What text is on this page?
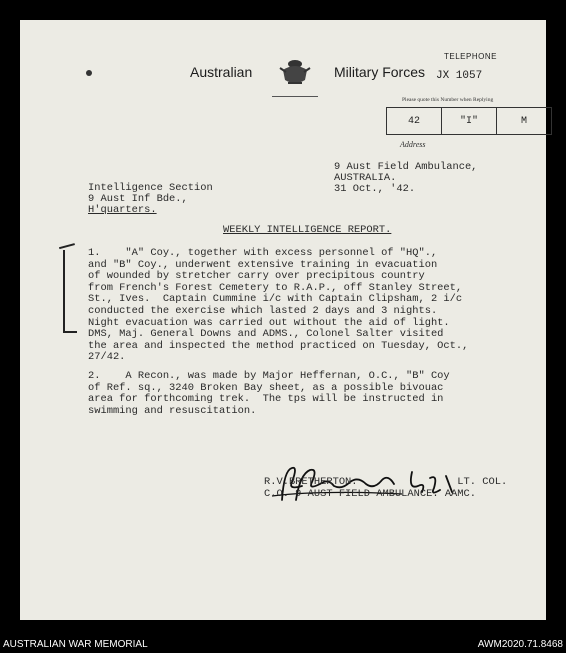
Australian	Military Forces
TELEPHONE
JX 1057
Please quote this Number when Replying
42	"I"	M
Address
9 Aust Field Ambulance,
AUSTRALIA.
31 Oct., '42.
Intelligence Section
9 Aust Inf Bde.,
H'quarters.
WEEKLY INTELLIGENCE REPORT.
1.    "A" Coy., together with excess personnel of "HQ".,
and "B" Coy., underwent extensive training in evacuation
of wounded by stretcher carry over precipitous country
from French's Forest Cemetery to R.A.P., off Stanley Street,
St., Ives.  Captain Cummine i/c with Captain Clipsham, 2 i/c
conducted the exercise which lasted 2 days and 3 nights.
Night evacuation was carried out without the aid of light.
DMS, Maj. General Downs and ADMS., Colonel Salter visited
the area and inspected the method practiced on Tuesday, Oct.,
27/42.
2.    A Recon., was made by Major Heffernan, O.C., "B" Coy
of Ref. sq., 3240 Broken Bay sheet, as a possible bivouac
area for forthcoming trek.  The tps will be instructed in
swimming and resuscitation.
R.V.BRETHERTON.                LT. COL.
C.O. 9 AUST FIELD AMBULANCE. AAMC.
AUSTRALIAN WAR MEMORIAL	AWM2020.71.8468
